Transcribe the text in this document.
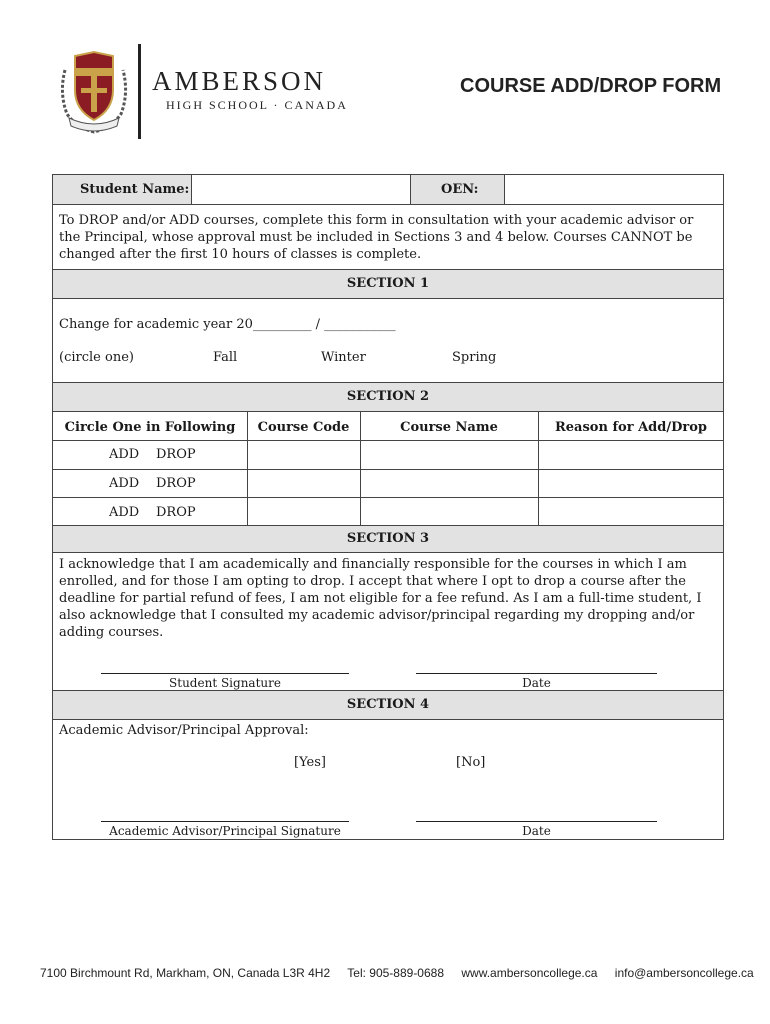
AMBERSON
HIGH SCHOOL · CANADA
COURSE ADD/DROP FORM
Student Name:	OEN:
To DROP and/or ADD courses, complete this form in consultation with your academic advisor or the Principal, whose approval must be included in Sections 3 and 4 below. Courses CANNOT be changed after the first 10 hours of classes is complete.
SECTION 1
Change for academic year 20_________ / ___________
(circle one)	Fall	Winter	Spring
SECTION 2
Circle One in Following	Course Code	Course Name	Reason for Add/Drop
ADD DROP
ADD DROP
ADD DROP
SECTION 3
I acknowledge that I am academically and financially responsible for the courses in which I am enrolled, and for those I am opting to drop. I accept that where I opt to drop a course after the deadline for partial refund of fees, I am not eligible for a fee refund. As I am a full-time student, I also acknowledge that I consulted my academic advisor/principal regarding my dropping and/or adding courses.
Student Signature	Date
SECTION 4
Academic Advisor/Principal Approval:
[Yes]	[No]
Academic Advisor/Principal Signature	Date
7100 Birchmount Rd, Markham, ON, Canada L3R 4H2 Tel: 905-889-0688 www.ambersoncollege.ca info@ambersoncollege.ca
